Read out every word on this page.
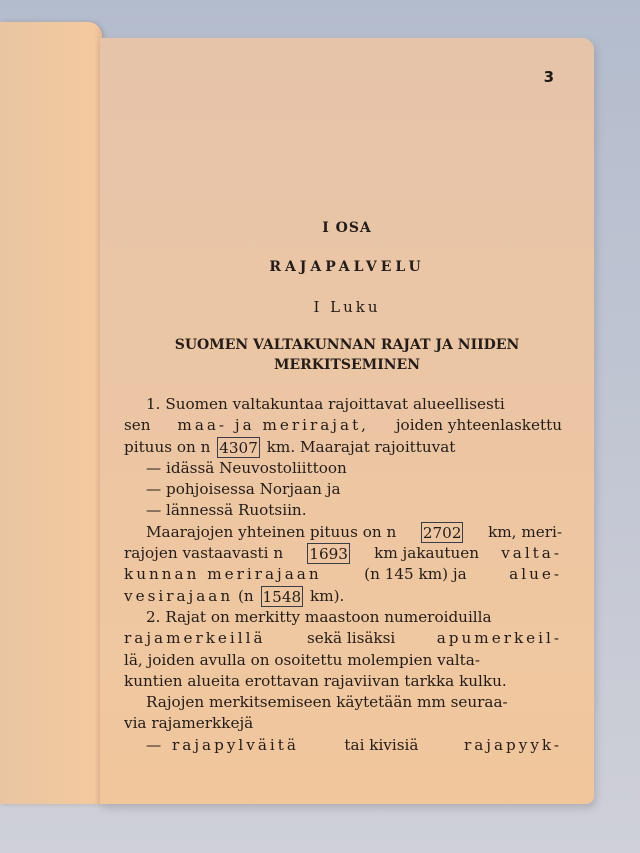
3
I OSA
RAJAPALVELU
I Luku
SUOMEN VALTAKUNNAN RAJAT JA NIIDEN
MERKITSEMINEN
1. Suomen valtakuntaa rajoittavat alueellisesti
sen maa- ja merirajat, joiden yhteenlaskettu
pituus on n
4307
km. Maarajat rajoittuvat
— idässä Neuvostoliittoon
— pohjoisessa Norjaan ja
— lännessä Ruotsiin.
Maarajojen yhteinen pituus on n 2702 km, meri-
rajojen vastaavasti n 1693 km jakautuen valta-
kunnan merirajaan	(n 145 km) ja	alue-
vesirajaan
(n
1548
km).
2. Rajat on merkitty maastoon numeroiduilla
rajamerkeillä	sekä lisäksi	apumerkeil-
lä, joiden avulla on osoitettu molempien valta-
kuntien alueita erottavan rajaviivan tarkka kulku.
Rajojen merkitsemiseen käytetään mm seuraa-
via rajamerkkejä
— rajapylväitä	tai kivisiä	rajapyyk-
